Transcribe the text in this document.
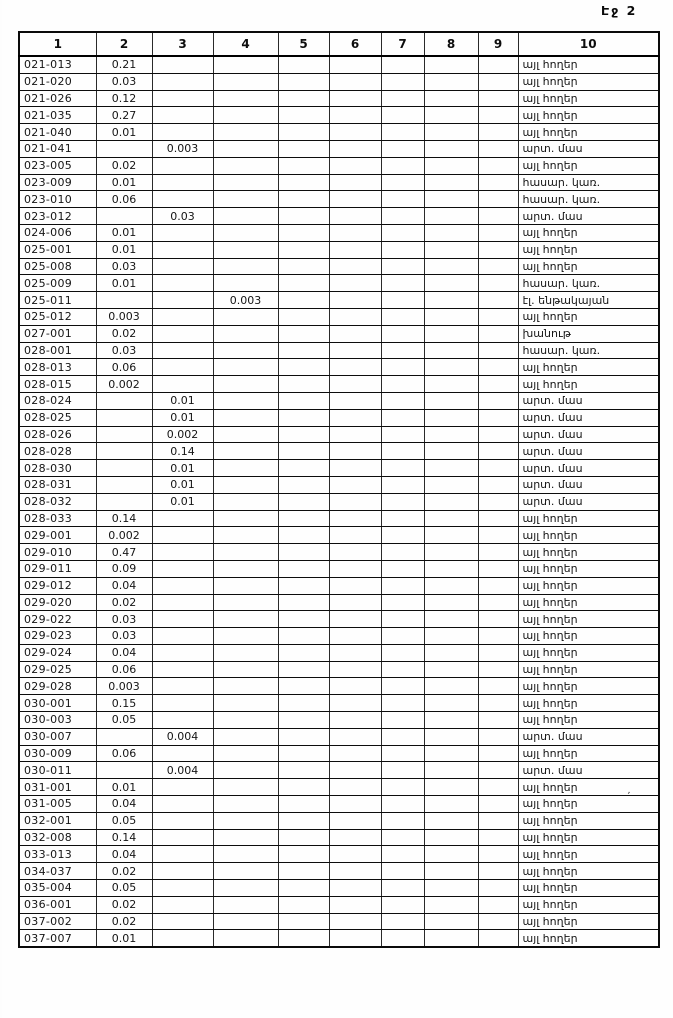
Էջ 2
1	2	3	4	5	6	7	8	9	10
021-013	0.21								այլ հողեր
021-020	0.03								այլ հողեր
021-026	0.12								այլ հողեր
021-035	0.27								այլ հողեր
021-040	0.01								այլ հողեր
021-041		0.003							արտ. մաս
023-005	0.02								այլ հողեր
023-009	0.01								հասար. կառ.
023-010	0.06								հասար. կառ.
023-012		0.03							արտ. մաս
024-006	0.01								այլ հողեր
025-001	0.01								այլ հողեր
025-008	0.03								այլ հողեր
025-009	0.01								հասար. կառ.
025-011			0.003						էլ. ենթակայան
025-012	0.003								այլ հողեր
027-001	0.02								խանութ
028-001	0.03								հասար. կառ.
028-013	0.06								այլ հողեր
028-015	0.002								այլ հողեր
028-024		0.01							արտ. մաս
028-025		0.01							արտ. մաս
028-026		0.002							արտ. մաս
028-028		0.14							արտ. մաս
028-030		0.01							արտ. մաս
028-031		0.01							արտ. մաս
028-032		0.01							արտ. մաս
028-033	0.14								այլ հողեր
029-001	0.002								այլ հողեր
029-010	0.47								այլ հողեր
029-011	0.09								այլ հողեր
029-012	0.04								այլ հողեր
029-020	0.02								այլ հողեր
029-022	0.03								այլ հողեր
029-023	0.03								այլ հողեր
029-024	0.04								այլ հողեր
029-025	0.06								այլ հողեր
029-028	0.003								այլ հողեր
030-001	0.15								այլ հողեր
030-003	0.05								այլ հողեր
030-007		0.004							արտ. մաս
030-009	0.06								այլ հողեր
030-011		0.004							արտ. մաս
031-001	0.01								այլ հողեր
031-005	0.04								այլ հողեր
032-001	0.05								այլ հողեր
032-008	0.14								այլ հողեր
033-013	0.04								այլ հողեր
034-037	0.02								այլ հողեր
035-004	0.05								այլ հողեր
036-001	0.02								այլ հողեր
037-002	0.02								այլ հողեր
037-007	0.01								այլ հողեր
,
